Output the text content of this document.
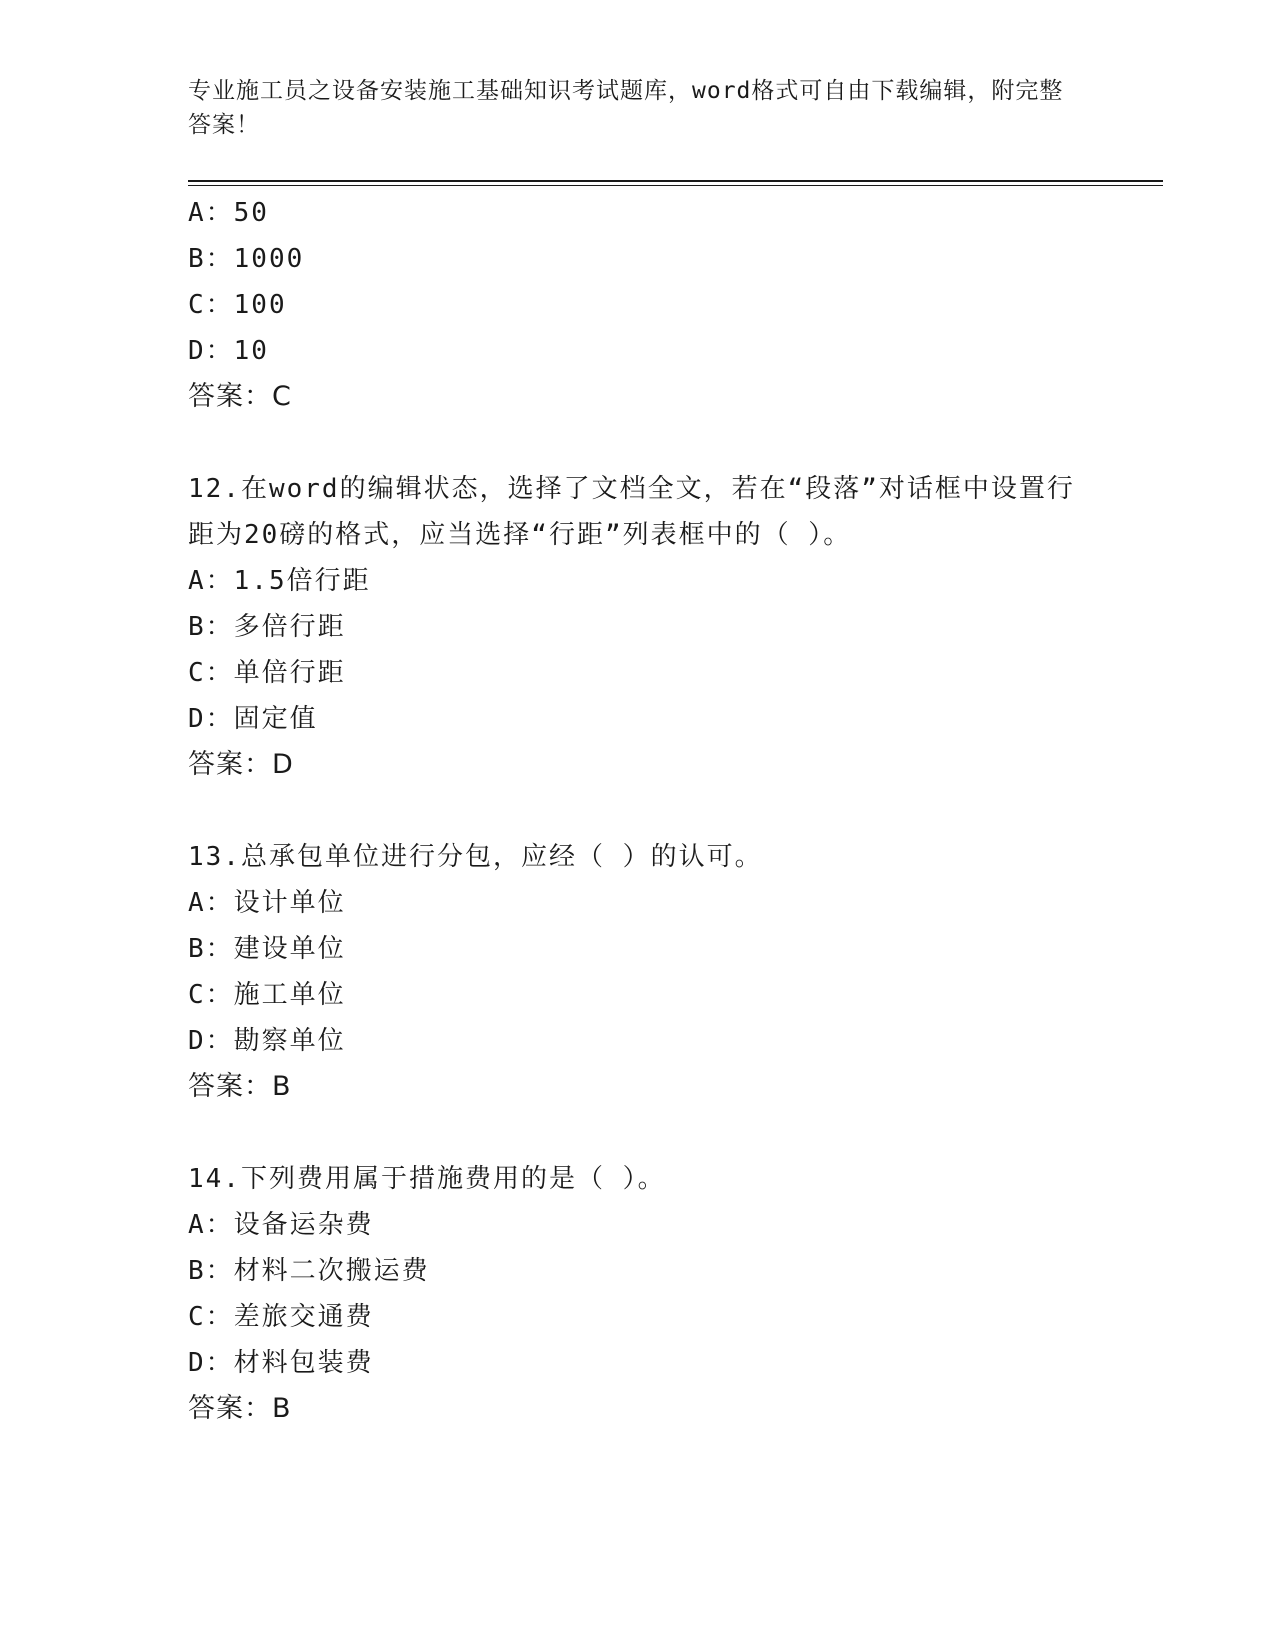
专业施工员之设备安装施工基础知识考试题库，word格式可自由下载编辑，附完整答案！
A：50
B：1000
C：100
D：10
答案：C
12.在word的编辑状态，选择了文档全文，若在“段落”对话框中设置行距为20磅的格式，应当选择“行距”列表框中的（ ）。
A：1.5倍行距
B：多倍行距
C：单倍行距
D：固定值
答案：D
13.总承包单位进行分包，应经（ ）的认可。
A：设计单位
B：建设单位
C：施工单位
D：勘察单位
答案：B
14.下列费用属于措施费用的是（ ）。
A：设备运杂费
B：材料二次搬运费
C：差旅交通费
D：材料包装费
答案：B
